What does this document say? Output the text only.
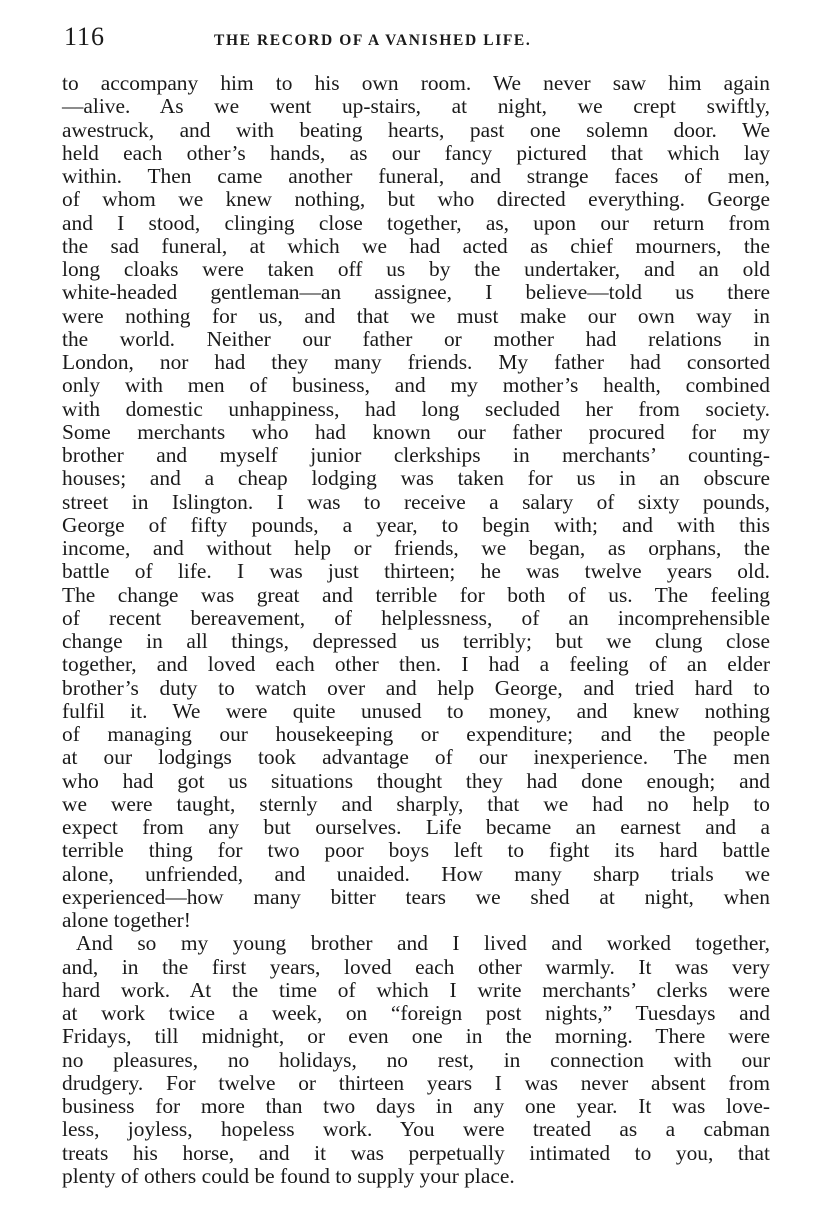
116	THE RECORD OF A VANISHED LIFE.
to accompany him to his own room. We never saw him again
—alive. As we went up-stairs, at night, we crept swiftly,
awestruck, and with beating hearts, past one solemn door. We
held each other’s hands, as our fancy pictured that which lay
within. Then came another funeral, and strange faces of men,
of whom we knew nothing, but who directed everything. George
and I stood, clinging close together, as, upon our return from
the sad funeral, at which we had acted as chief mourners, the
long cloaks were taken off us by the undertaker, and an old
white-headed gentleman—an assignee, I believe—told us there
were nothing for us, and that we must make our own way in
the world. Neither our father or mother had relations in
London, nor had they many friends. My father had consorted
only with men of business, and my mother’s health, combined
with domestic unhappiness, had long secluded her from society.
Some merchants who had known our father procured for my
brother and myself junior clerkships in merchants’ counting-
houses; and a cheap lodging was taken for us in an obscure
street in Islington. I was to receive a salary of sixty pounds,
George of fifty pounds, a year, to begin with; and with this
income, and without help or friends, we began, as orphans, the
battle of life. I was just thirteen; he was twelve years old.
The change was great and terrible for both of us. The feeling
of recent bereavement, of helplessness, of an incomprehensible
change in all things, depressed us terribly; but we clung close
together, and loved each other then. I had a feeling of an elder
brother’s duty to watch over and help George, and tried hard to
fulfil it. We were quite unused to money, and knew nothing
of managing our housekeeping or expenditure; and the people
at our lodgings took advantage of our inexperience. The men
who had got us situations thought they had done enough; and
we were taught, sternly and sharply, that we had no help to
expect from any but ourselves. Life became an earnest and a
terrible thing for two poor boys left to fight its hard battle
alone, unfriended, and unaided. How many sharp trials we
experienced—how many bitter tears we shed at night, when
alone together!
And so my young brother and I lived and worked together,
and, in the first years, loved each other warmly. It was very
hard work. At the time of which I write merchants’ clerks were
at work twice a week, on “foreign post nights,” Tuesdays and
Fridays, till midnight, or even one in the morning. There were
no pleasures, no holidays, no rest, in connection with our
drudgery. For twelve or thirteen years I was never absent from
business for more than two days in any one year. It was love-
less, joyless, hopeless work. You were treated as a cabman
treats his horse, and it was perpetually intimated to you, that
plenty of others could be found to supply your place.
